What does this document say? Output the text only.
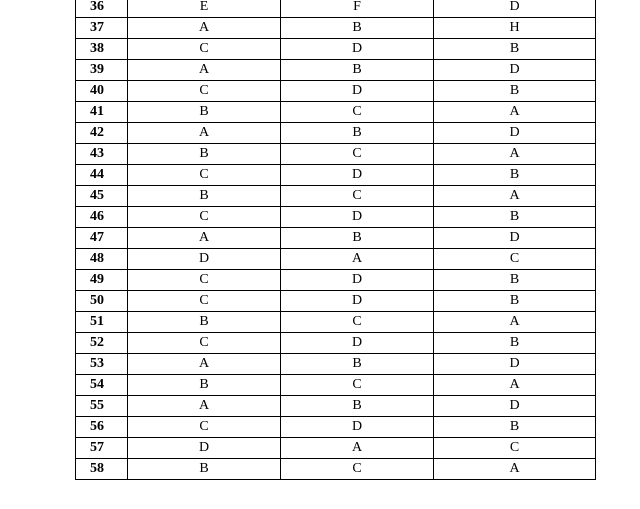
36	E	F	D
37	A	B	H
38	C	D	B
39	A	B	D
40	C	D	B
41	B	C	A
42	A	B	D
43	B	C	A
44	C	D	B
45	B	C	A
46	C	D	B
47	A	B	D
48	D	A	C
49	C	D	B
50	C	D	B
51	B	C	A
52	C	D	B
53	A	B	D
54	B	C	A
55	A	B	D
56	C	D	B
57	D	A	C
58	B	C	A
